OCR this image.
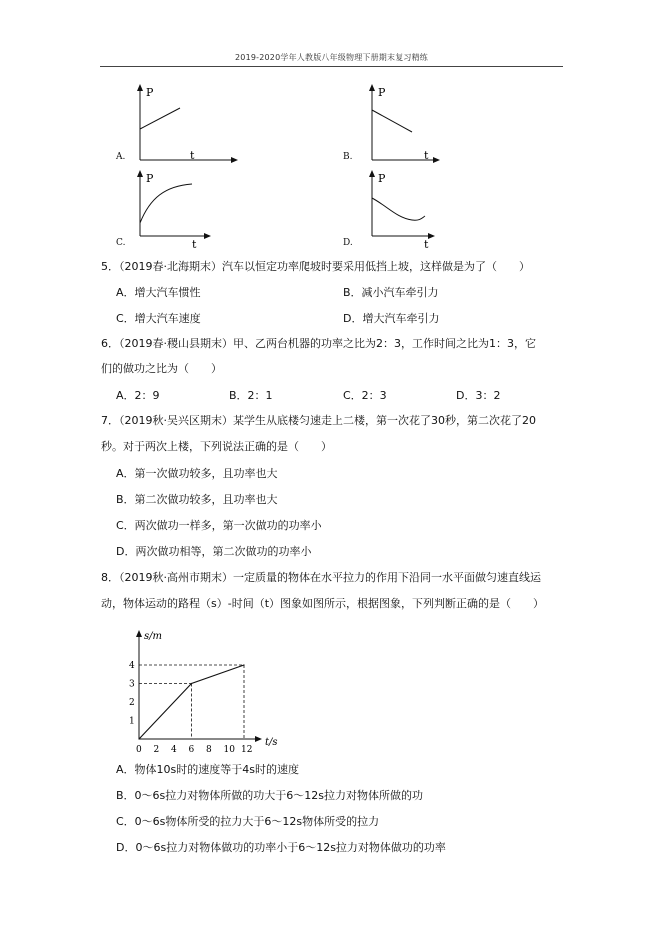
2019-2020学年人教版八年级物理下册期末复习精练
P
t
A.
P
t
B.
P
t
C.
P
t
D.
5．（2019春·北海期末）汽车以恒定功率爬坡时要采用低挡上坡，这样做是为了（　　）
A．增大汽车惯性	B．减小汽车牵引力
C．增大汽车速度	D．增大汽车牵引力
6．（2019春·稷山县期末）甲、乙两台机器的功率之比为2：3，工作时间之比为1：3，它
们的做功之比为（　　）
A．2：9	B．2：1	C．2：3	D．3：2
7．（2019秋·吴兴区期末）某学生从底楼匀速走上二楼，第一次花了30秒，第二次花了20
秒。对于两次上楼，下列说法正确的是（　　）
A．第一次做功较多，且功率也大
B．第二次做功较多，且功率也大
C．两次做功一样多，第一次做功的功率小
D．两次做功相等，第二次做功的功率小
8．（2019秋·高州市期末）一定质量的物体在水平拉力的作用下沿同一水平面做匀速直线运
动，物体运动的路程（s）-时间（t）图象如图所示，根据图象，下列判断正确的是（　　）
s/m
t/s
0 2 4 6 8 10 12
1
2
3
4
A．物体10s时的速度等于4s时的速度
B．0～6s拉力对物体所做的功大于6～12s拉力对物体所做的功
C．0～6s物体所受的拉力大于6～12s物体所受的拉力
D．0～6s拉力对物体做功的功率小于6～12s拉力对物体做功的功率
